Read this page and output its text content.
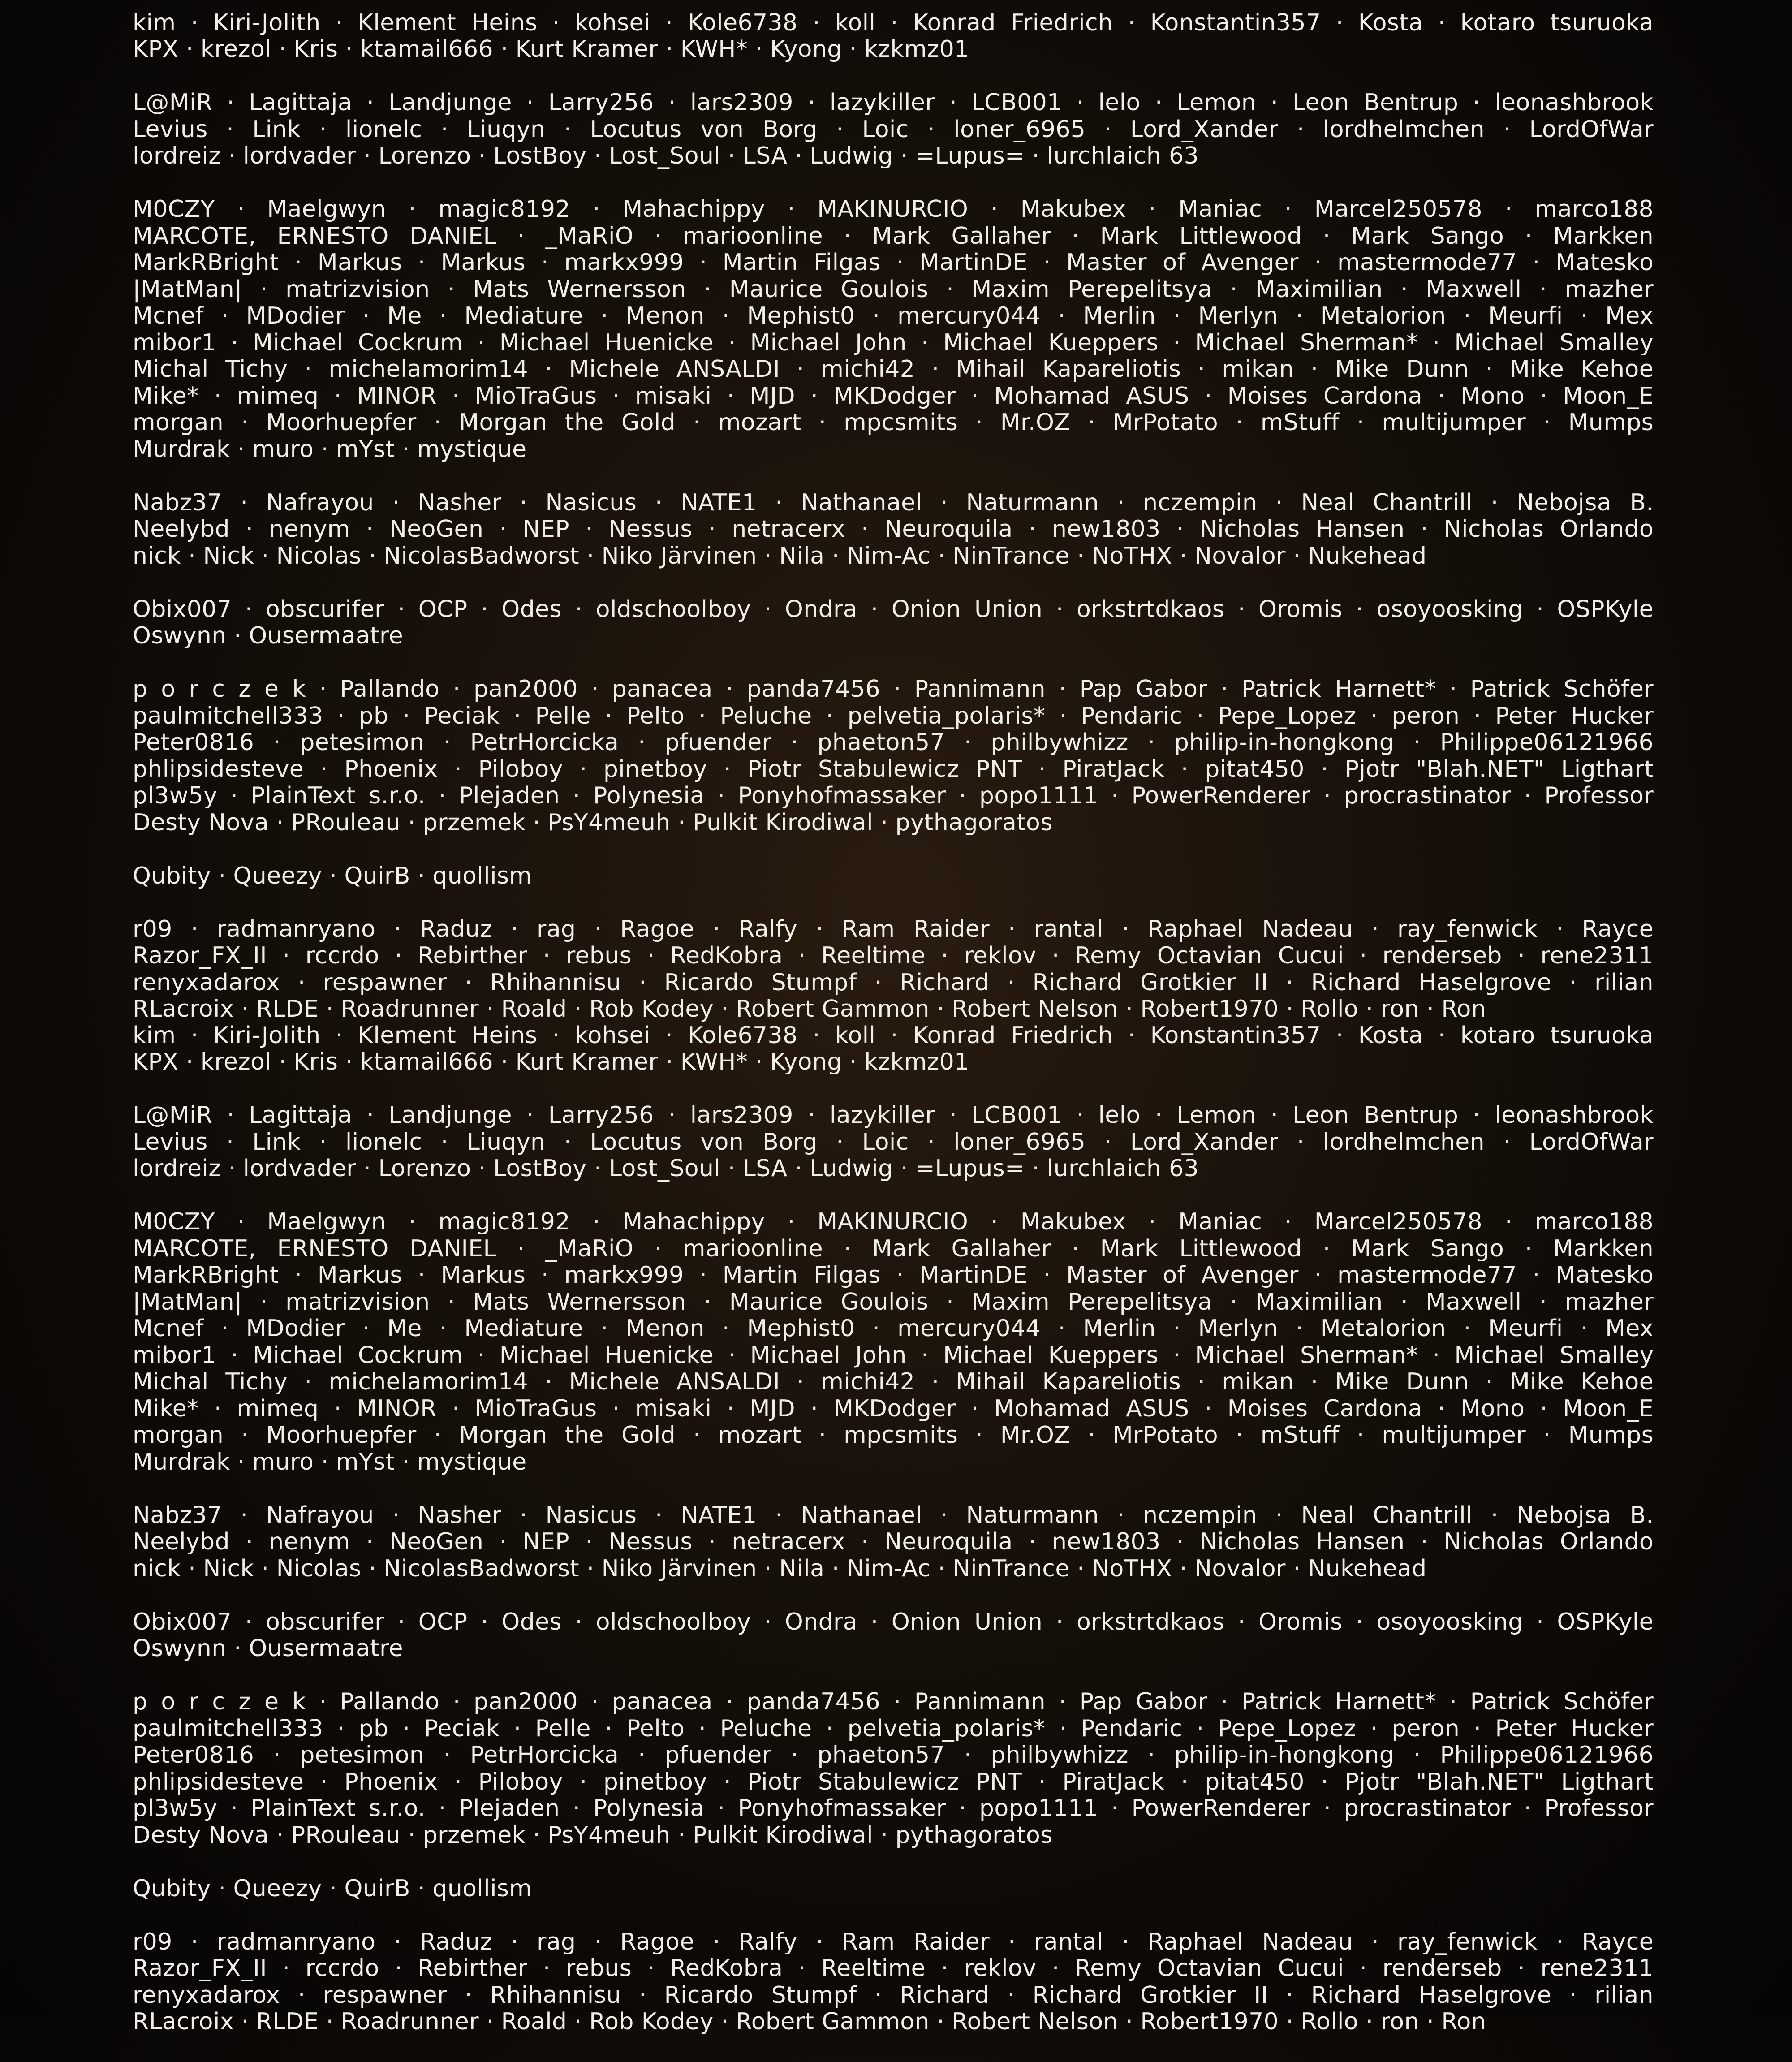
kim · Kiri-Jolith · Klement Heins · kohsei · Kole6738 · koll · Konrad Friedrich · Konstantin357 · Kosta · kotaro tsuruoka
KPX · krezol · Kris · ktamail666 · Kurt Kramer · KWH* · Kyong · kzkmz01
L@MiR · Lagittaja · Landjunge · Larry256 · lars2309 · lazykiller · LCB001 · lelo · Lemon · Leon Bentrup · leonashbrook
Levius · Link · lionelc · Liuqyn · Locutus von Borg · Loic · loner_6965 · Lord_Xander · lordhelmchen · LordOfWar
lordreiz · lordvader · Lorenzo · LostBoy · Lost_Soul · LSA · Ludwig · =Lupus= · lurchlaich 63
M0CZY · Maelgwyn · magic8192 · Mahachippy · MAKINURCIO · Makubex · Maniac · Marcel250578 · marco188
MARCOTE, ERNESTO DANIEL · _MaRiO · marioonline · Mark Gallaher · Mark Littlewood · Mark Sango · Markken
MarkRBright · Markus · Markus · markx999 · Martin Filgas · MartinDE · Master of Avenger · mastermode77 · Matesko
|MatMan| · matrizvision · Mats Wernersson · Maurice Goulois · Maxim Perepelitsya · Maximilian · Maxwell · mazher
Mcnef · MDodier · Me · Mediature · Menon · Mephist0 · mercury044 · Merlin · Merlyn · Metalorion · Meurfi · Mex
mibor1 · Michael Cockrum · Michael Huenicke · Michael John · Michael Kueppers · Michael Sherman* · Michael Smalley
Michal Tichy · michelamorim14 · Michele ANSALDI · michi42 · Mihail Kapareliotis · mikan · Mike Dunn · Mike Kehoe
Mike* · mimeq · MINOR · MioTraGus · misaki · MJD · MKDodger · Mohamad ASUS · Moises Cardona · Mono · Moon_E
morgan · Moorhuepfer · Morgan the Gold · mozart · mpcsmits · Mr.OZ · MrPotato · mStuff · multijumper · Mumps
Murdrak · muro · mYst · mystique
Nabz37 · Nafrayou · Nasher · Nasicus · NATE1 · Nathanael · Naturmann · nczempin · Neal Chantrill · Nebojsa B.
Neelybd · nenym · NeoGen · NEP · Nessus · netracerx · Neuroquila · new1803 · Nicholas Hansen · Nicholas Orlando
nick · Nick · Nicolas · NicolasBadworst · Niko Järvinen · Nila · Nim-Ac · NinTrance · NoTHX · Novalor · Nukehead
Obix007 · obscurifer · OCP · Odes · oldschoolboy · Ondra · Onion Union · orkstrtdkaos · Oromis · osoyoosking · OSPKyle
Oswynn · Ousermaatre
p o r c z e k · Pallando · pan2000 · panacea · panda7456 · Pannimann · Pap Gabor · Patrick Harnett* · Patrick Schöfer
paulmitchell333 · pb · Peciak · Pelle · Pelto · Peluche · pelvetia_polaris* · Pendaric · Pepe_Lopez · peron · Peter Hucker
Peter0816 · petesimon · PetrHorcicka · pfuender · phaeton57 · philbywhizz · philip-in-hongkong · Philippe06121966
phlipsidesteve · Phoenix · Piloboy · pinetboy · Piotr Stabulewicz PNT · PiratJack · pitat450 · Pjotr "Blah.NET" Ligthart
pl3w5y · PlainText s.r.o. · Plejaden · Polynesia · Ponyhofmassaker · popo1111 · PowerRenderer · procrastinator · Professor
Desty Nova · PRouleau · przemek · PsY4meuh · Pulkit Kirodiwal · pythagoratos
Qubity · Queezy · QuirB · quollism
r09 · radmanryano · Raduz · rag · Ragoe · Ralfy · Ram Raider · rantal · Raphael Nadeau · ray_fenwick · Rayce
Razor_FX_II · rccrdo · Rebirther · rebus · RedKobra · Reeltime · reklov · Remy Octavian Cucui · renderseb · rene2311
renyxadarox · respawner · Rhihannisu · Ricardo Stumpf · Richard · Richard Grotkier II · Richard Haselgrove · rilian
RLacroix · RLDE · Roadrunner · Roald · Rob Kodey · Robert Gammon · Robert Nelson · Robert1970 · Rollo · ron · Ron
kim · Kiri-Jolith · Klement Heins · kohsei · Kole6738 · koll · Konrad Friedrich · Konstantin357 · Kosta · kotaro tsuruoka
KPX · krezol · Kris · ktamail666 · Kurt Kramer · KWH* · Kyong · kzkmz01
L@MiR · Lagittaja · Landjunge · Larry256 · lars2309 · lazykiller · LCB001 · lelo · Lemon · Leon Bentrup · leonashbrook
Levius · Link · lionelc · Liuqyn · Locutus von Borg · Loic · loner_6965 · Lord_Xander · lordhelmchen · LordOfWar
lordreiz · lordvader · Lorenzo · LostBoy · Lost_Soul · LSA · Ludwig · =Lupus= · lurchlaich 63
M0CZY · Maelgwyn · magic8192 · Mahachippy · MAKINURCIO · Makubex · Maniac · Marcel250578 · marco188
MARCOTE, ERNESTO DANIEL · _MaRiO · marioonline · Mark Gallaher · Mark Littlewood · Mark Sango · Markken
MarkRBright · Markus · Markus · markx999 · Martin Filgas · MartinDE · Master of Avenger · mastermode77 · Matesko
|MatMan| · matrizvision · Mats Wernersson · Maurice Goulois · Maxim Perepelitsya · Maximilian · Maxwell · mazher
Mcnef · MDodier · Me · Mediature · Menon · Mephist0 · mercury044 · Merlin · Merlyn · Metalorion · Meurfi · Mex
mibor1 · Michael Cockrum · Michael Huenicke · Michael John · Michael Kueppers · Michael Sherman* · Michael Smalley
Michal Tichy · michelamorim14 · Michele ANSALDI · michi42 · Mihail Kapareliotis · mikan · Mike Dunn · Mike Kehoe
Mike* · mimeq · MINOR · MioTraGus · misaki · MJD · MKDodger · Mohamad ASUS · Moises Cardona · Mono · Moon_E
morgan · Moorhuepfer · Morgan the Gold · mozart · mpcsmits · Mr.OZ · MrPotato · mStuff · multijumper · Mumps
Murdrak · muro · mYst · mystique
Nabz37 · Nafrayou · Nasher · Nasicus · NATE1 · Nathanael · Naturmann · nczempin · Neal Chantrill · Nebojsa B.
Neelybd · nenym · NeoGen · NEP · Nessus · netracerx · Neuroquila · new1803 · Nicholas Hansen · Nicholas Orlando
nick · Nick · Nicolas · NicolasBadworst · Niko Järvinen · Nila · Nim-Ac · NinTrance · NoTHX · Novalor · Nukehead
Obix007 · obscurifer · OCP · Odes · oldschoolboy · Ondra · Onion Union · orkstrtdkaos · Oromis · osoyoosking · OSPKyle
Oswynn · Ousermaatre
p o r c z e k · Pallando · pan2000 · panacea · panda7456 · Pannimann · Pap Gabor · Patrick Harnett* · Patrick Schöfer
paulmitchell333 · pb · Peciak · Pelle · Pelto · Peluche · pelvetia_polaris* · Pendaric · Pepe_Lopez · peron · Peter Hucker
Peter0816 · petesimon · PetrHorcicka · pfuender · phaeton57 · philbywhizz · philip-in-hongkong · Philippe06121966
phlipsidesteve · Phoenix · Piloboy · pinetboy · Piotr Stabulewicz PNT · PiratJack · pitat450 · Pjotr "Blah.NET" Ligthart
pl3w5y · PlainText s.r.o. · Plejaden · Polynesia · Ponyhofmassaker · popo1111 · PowerRenderer · procrastinator · Professor
Desty Nova · PRouleau · przemek · PsY4meuh · Pulkit Kirodiwal · pythagoratos
Qubity · Queezy · QuirB · quollism
r09 · radmanryano · Raduz · rag · Ragoe · Ralfy · Ram Raider · rantal · Raphael Nadeau · ray_fenwick · Rayce
Razor_FX_II · rccrdo · Rebirther · rebus · RedKobra · Reeltime · reklov · Remy Octavian Cucui · renderseb · rene2311
renyxadarox · respawner · Rhihannisu · Ricardo Stumpf · Richard · Richard Grotkier II · Richard Haselgrove · rilian
RLacroix · RLDE · Roadrunner · Roald · Rob Kodey · Robert Gammon · Robert Nelson · Robert1970 · Rollo · ron · Ron
